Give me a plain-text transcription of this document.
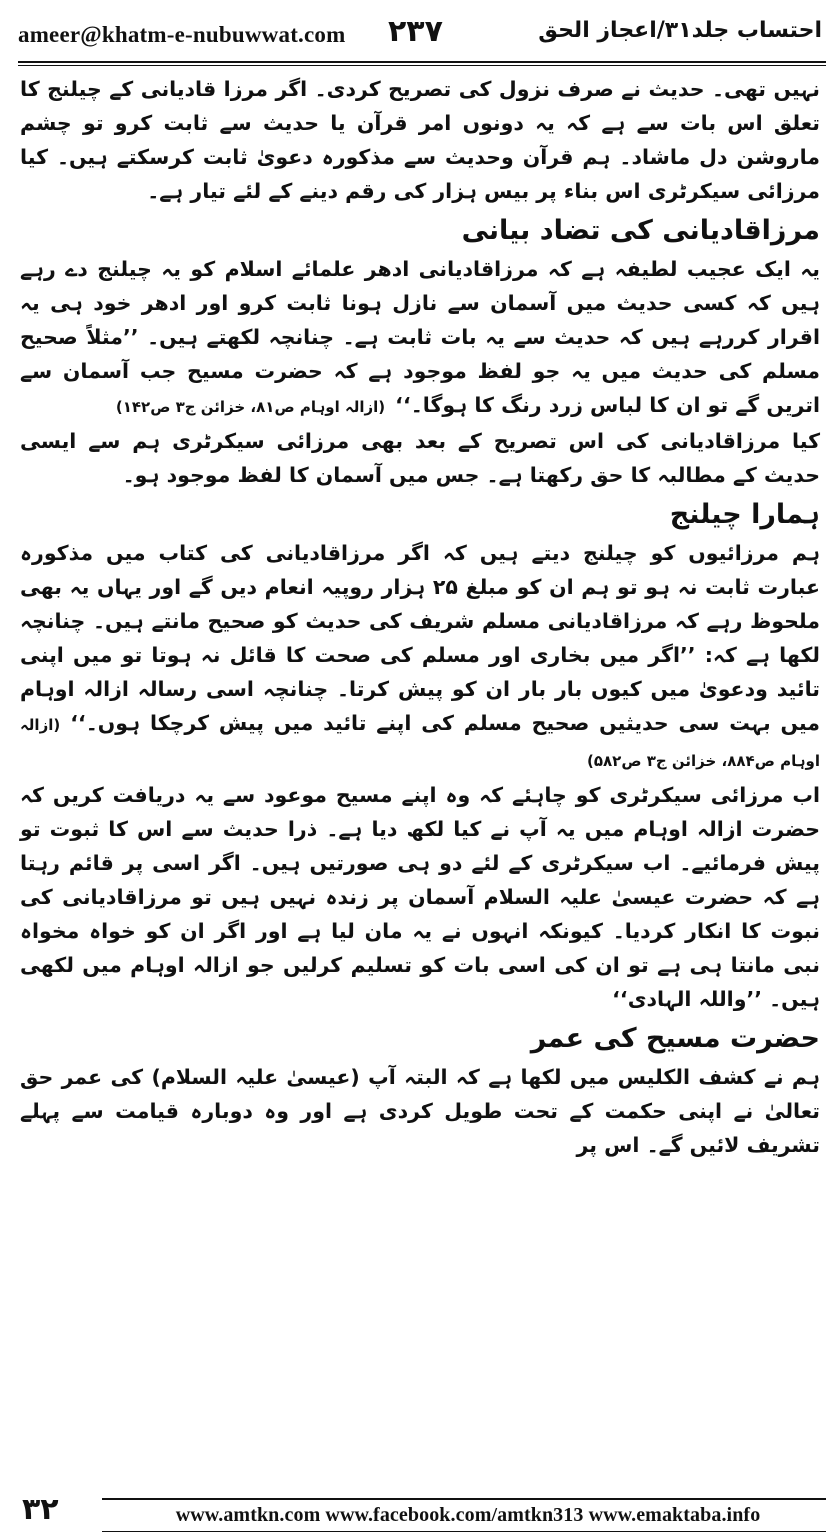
ameer@khatm-e-nubuwwat.com ۲۳۷	احتساب جلد۳۱/اعجاز الحق

نہیں تھی۔ حدیث نے صرف نزول کی تصریح کردی۔ اگر مرزا قادیانی کے چیلنج کا تعلق اس بات سے ہے کہ یہ دونوں امر قرآن یا حدیث سے ثابت کرو تو چشم ماروشن دل ماشاد۔ ہم قرآن وحدیث سے مذکورہ دعویٰ ثابت کرسکتے ہیں۔ کیا مرزائی سیکرٹری اس بناء پر بیس ہزار کی رقم دینے کے لئے تیار ہے۔

مرزاقادیانی کی تضاد بیانی

یہ ایک عجیب لطیفہ ہے کہ مرزاقادیانی ادھر علمائے اسلام کو یہ چیلنج دے رہے ہیں کہ کسی حدیث میں آسمان سے نازل ہونا ثابت کرو اور ادھر خود ہی یہ اقرار کررہے ہیں کہ حدیث سے یہ بات ثابت ہے۔ چنانچہ لکھتے ہیں۔ ’’مثلاً صحیح مسلم کی حدیث میں یہ جو لفظ موجود ہے کہ حضرت مسیح جب آسمان سے اتریں گے تو ان کا لباس زرد رنگ کا ہوگا۔‘‘(ازالہ اوہام ص۸۱، خزائن ج۳ ص۱۴۲)

کیا مرزاقادیانی کی اس تصریح کے بعد بھی مرزائی سیکرٹری ہم سے ایسی حدیث کے مطالبہ کا حق رکھتا ہے۔ جس میں آسمان کا لفظ موجود ہو۔

ہمارا چیلنج

ہم مرزائیوں کو چیلنج دیتے ہیں کہ اگر مرزاقادیانی کی کتاب میں مذکورہ عبارت ثابت نہ ہو تو ہم ان کو مبلغ ۲۵ ہزار روپیہ انعام دیں گے اور یہاں یہ بھی ملحوظ رہے کہ مرزاقادیانی مسلم شریف کی حدیث کو صحیح مانتے ہیں۔ چنانچہ لکھا ہے کہ: ’’اگر میں بخاری اور مسلم کی صحت کا قائل نہ ہوتا تو میں اپنی تائید ودعویٰ میں کیوں بار بار ان کو پیش کرتا۔ چنانچہ اسی رسالہ ازالہ اوہام میں بہت سی حدیثیں صحیح مسلم کی اپنے تائید میں پیش کرچکا ہوں۔‘‘(ازالہ اوہام ص۸۸۴، خزائن ج۳ ص۵۸۲)

اب مرزائی سیکرٹری کو چاہئے کہ وہ اپنے مسیح موعود سے یہ دریافت کریں کہ حضرت ازالہ اوہام میں یہ آپ نے کیا لکھ دیا ہے۔ ذرا حدیث سے اس کا ثبوت تو پیش فرمائیے۔ اب سیکرٹری کے لئے دو ہی صورتیں ہیں۔ اگر اسی پر قائم رہتا ہے کہ حضرت عیسیٰ علیہ السلام آسمان پر زندہ نہیں ہیں تو مرزاقادیانی کی نبوت کا انکار کردیا۔ کیونکہ انہوں نے یہ مان لیا ہے اور اگر ان کو خواہ مخواہ نبی مانتا ہی ہے تو ان کی اسی بات کو تسلیم کرلیں جو ازالہ اوہام میں لکھی ہیں۔ ’’واللہ الہادی‘‘

حضرت مسیح کی عمر

ہم نے کشف الکلیس میں لکھا ہے کہ البتہ آپ (عیسیٰ علیہ السلام) کی عمر حق تعالیٰ نے اپنی حکمت کے تحت طویل کردی ہے اور وہ دوبارہ قیامت سے پہلے تشریف لائیں گے۔ اس پر

۳۲	www.amtkn.com www.facebook.com/amtkn313 www.emaktaba.info
